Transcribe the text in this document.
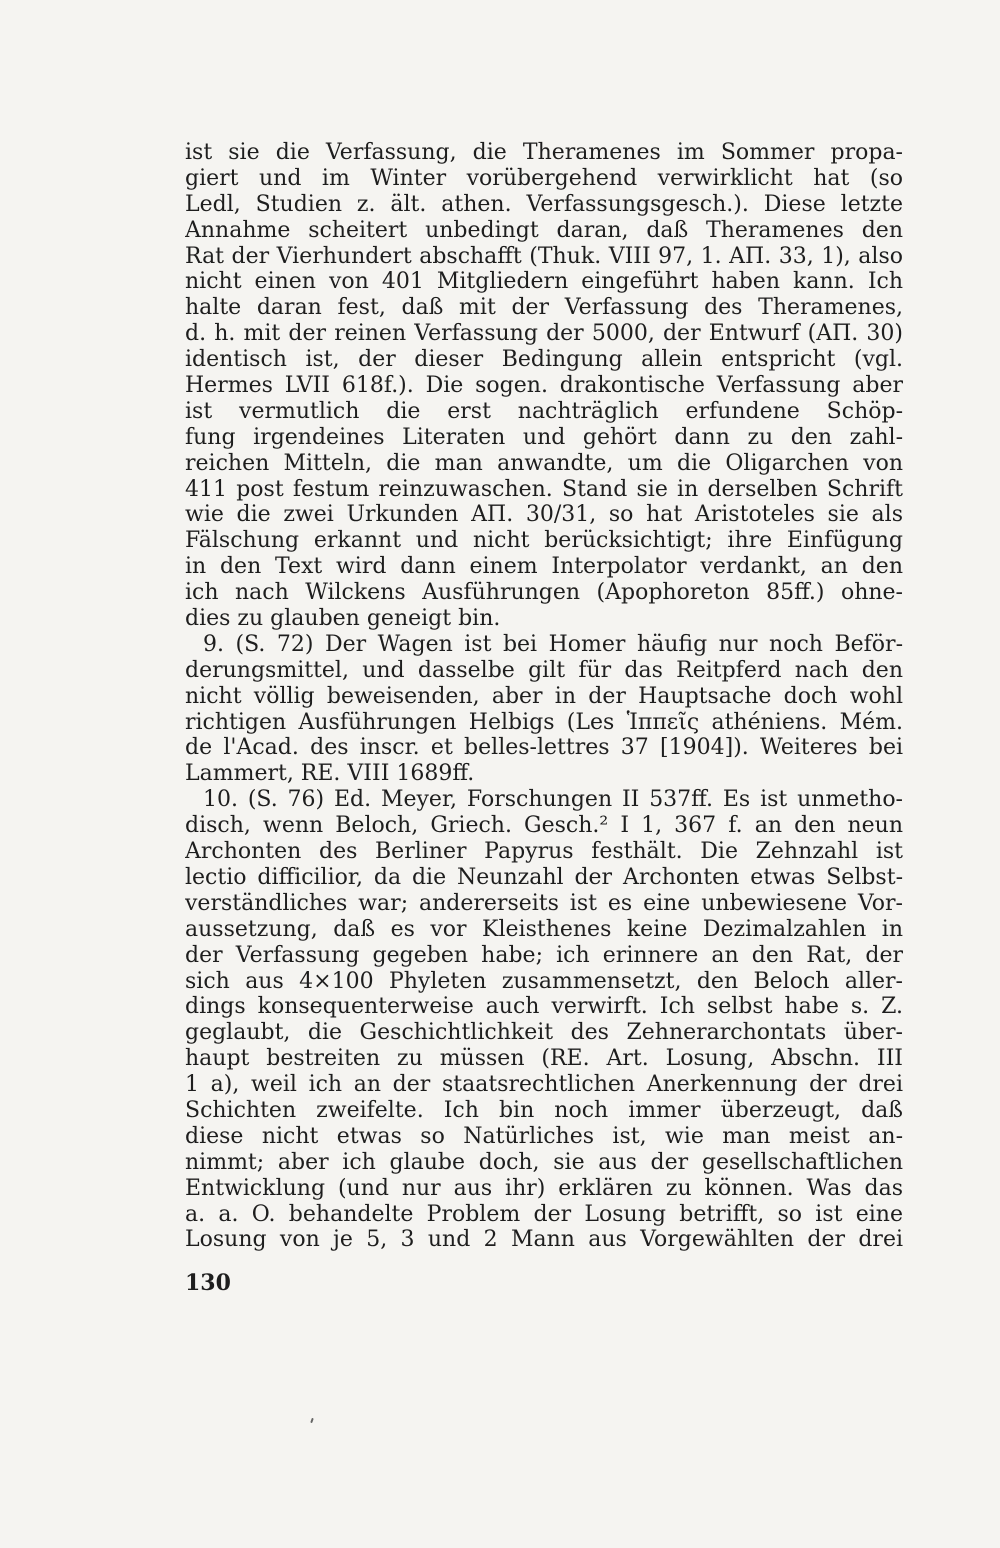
ist sie die Verfassung, die Theramenes im Sommer propa-
giert und im Winter vorübergehend verwirklicht hat (so
Ledl, Studien z. ält. athen. Verfassungsgesch.). Diese letzte
Annahme scheitert unbedingt daran, daß Theramenes den
Rat der Vierhundert abschafft (Thuk. VIII 97, 1. AΠ. 33, 1), also
nicht einen von 401 Mitgliedern eingeführt haben kann. Ich
halte daran fest, daß mit der Verfassung des Theramenes,
d. h. mit der reinen Verfassung der 5000, der Entwurf (AΠ. 30)
identisch ist, der dieser Bedingung allein entspricht (vgl.
Hermes LVII 618f.). Die sogen. drakontische Verfassung aber
ist vermutlich die erst nachträglich erfundene Schöp-
fung irgendeines Literaten und gehört dann zu den zahl-
reichen Mitteln, die man anwandte, um die Oligarchen von
411 post festum reinzuwaschen. Stand sie in derselben Schrift
wie die zwei Urkunden AΠ. 30/31, so hat Aristoteles sie als
Fälschung erkannt und nicht berücksichtigt; ihre Einfügung
in den Text wird dann einem Interpolator verdankt, an den
ich nach Wilckens Ausführungen (Apophoreton 85ff.) ohne-
dies zu glauben geneigt bin.
9. (S. 72) Der Wagen ist bei Homer häufig nur noch Beför-
derungsmittel, und dasselbe gilt für das Reitpferd nach den
nicht völlig beweisenden, aber in der Hauptsache doch wohl
richtigen Ausführungen Helbigs (Les Ἱππεῖς athéniens. Mém.
de l'Acad. des inscr. et belles-lettres 37 [1904]). Weiteres bei
Lammert, RE. VIII 1689ff.
10. (S. 76) Ed. Meyer, Forschungen II 537ff. Es ist unmetho-
disch, wenn Beloch, Griech. Gesch.² I 1, 367 f. an den neun
Archonten des Berliner Papyrus festhält. Die Zehnzahl ist
lectio difficilior, da die Neunzahl der Archonten etwas Selbst-
verständliches war; andererseits ist es eine unbewiesene Vor-
aussetzung, daß es vor Kleisthenes keine Dezimalzahlen in
der Verfassung gegeben habe; ich erinnere an den Rat, der
sich aus 4×100 Phyleten zusammensetzt, den Beloch aller-
dings konsequenterweise auch verwirft. Ich selbst habe s. Z.
geglaubt, die Geschichtlichkeit des Zehnerarchontats über-
haupt bestreiten zu müssen (RE. Art. Losung, Abschn. III
1 a), weil ich an der staatsrechtlichen Anerkennung der drei
Schichten zweifelte. Ich bin noch immer überzeugt, daß
diese nicht etwas so Natürliches ist, wie man meist an-
nimmt; aber ich glaube doch, sie aus der gesellschaftlichen
Entwicklung (und nur aus ihr) erklären zu können. Was das
a. a. O. behandelte Problem der Losung betrifft, so ist eine
Losung von je 5, 3 und 2 Mann aus Vorgewählten der drei
130
